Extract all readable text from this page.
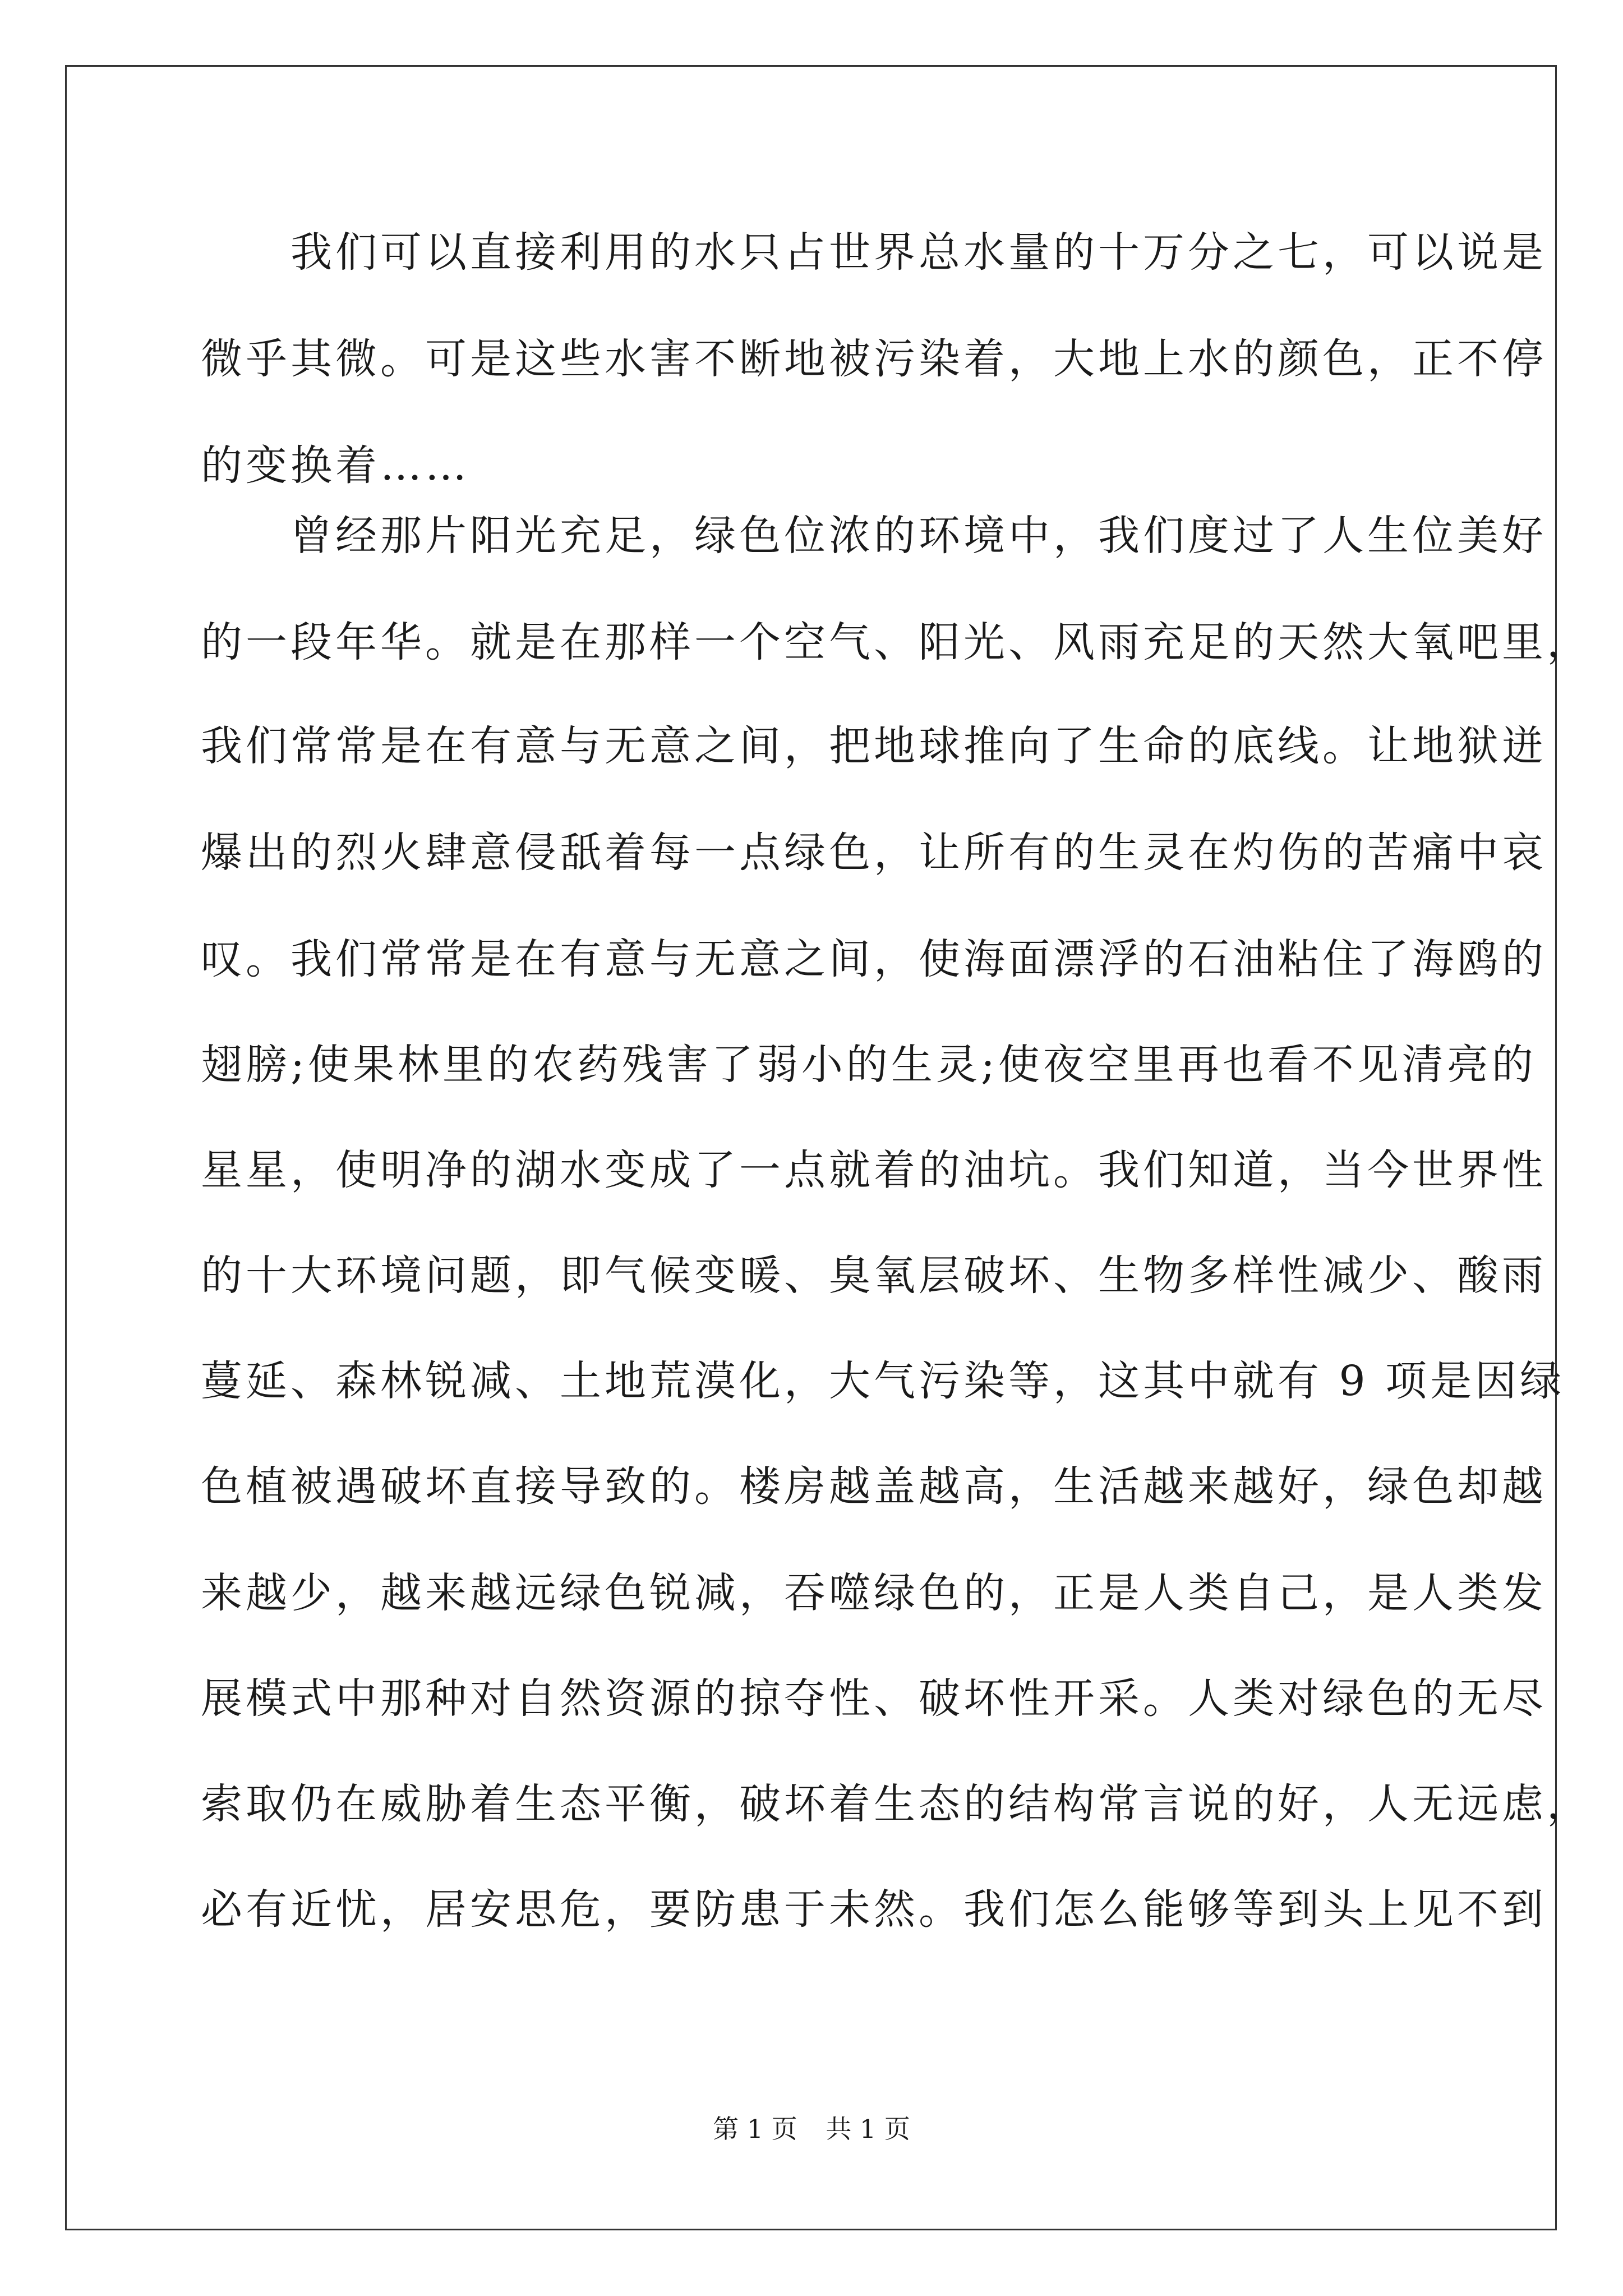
　　我们可以直接利用的水只占世界总水量的十万分之七，可以说是
微乎其微。可是这些水害不断地被污染着，大地上水的颜色，正不停
的变换着……
　　曾经那片阳光充足，绿色位浓的环境中，我们度过了人生位美好
的一段年华。就是在那样一个空气、阳光、风雨充足的天然大氧吧里，
我们常常是在有意与无意之间，把地球推向了生命的底线。让地狱迸
爆出的烈火肆意侵舐着每一点绿色，让所有的生灵在灼伤的苦痛中哀
叹。我们常常是在有意与无意之间，使海面漂浮的石油粘住了海鸥的
翅膀;使果林里的农药残害了弱小的生灵;使夜空里再也看不见清亮的
星星，使明净的湖水变成了一点就着的油坑。我们知道，当今世界性
的十大环境问题，即气候变暖、臭氧层破坏、生物多样性减少、酸雨
蔓延、森林锐减、土地荒漠化，大气污染等，这其中就有 9 项是因绿
色植被遇破坏直接导致的。楼房越盖越高，生活越来越好，绿色却越
来越少，越来越远绿色锐减，吞噬绿色的，正是人类自己，是人类发
展模式中那种对自然资源的掠夺性、破坏性开采。人类对绿色的无尽
索取仍在威胁着生态平衡，破坏着生态的结构常言说的好，人无远虑，
必有近忧，居安思危，要防患于未然。我们怎么能够等到头上见不到
第 1 页 共 1 页
